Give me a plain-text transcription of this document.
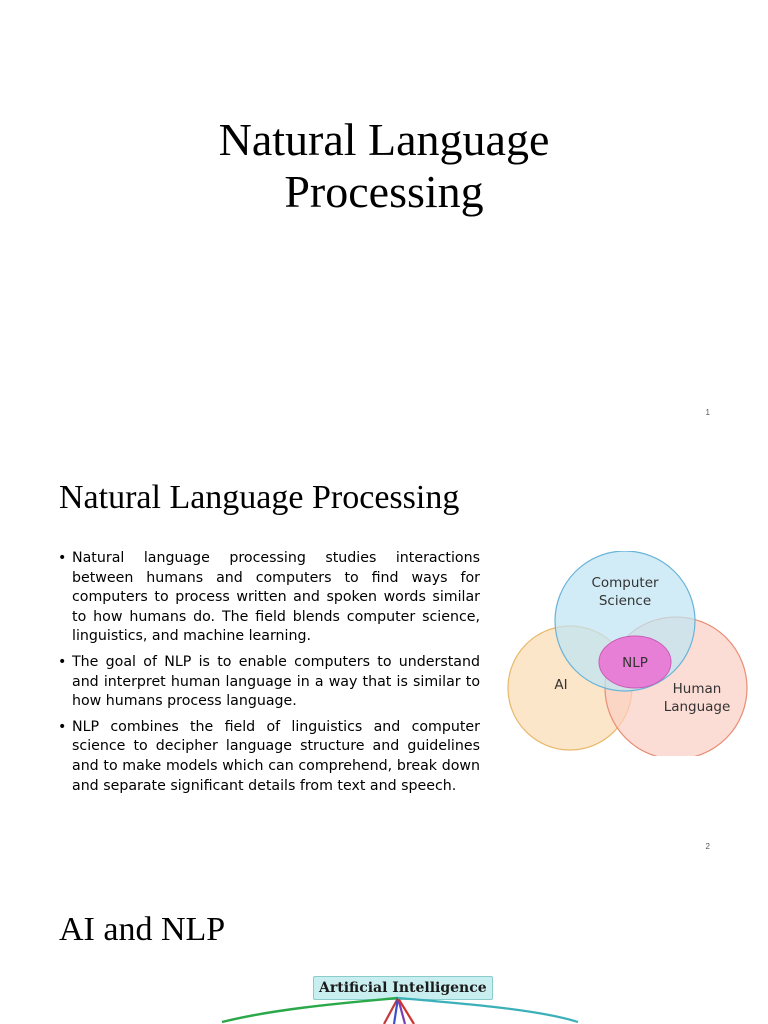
Natural Language
Processing
1
Natural Language Processing
• Natural language processing studies interactions between humans and computers to find ways for computers to process written and spoken words similar to how humans do. The field blends computer science, linguistics, and machine learning.
• The goal of NLP is to enable computers to understand and interpret human language in a way that is similar to how humans process language.
• NLP combines the field of linguistics and computer science to decipher language structure and guidelines and to make models which can comprehend, break down and separate significant details from text and speech.
Computer
Science
AI	Human
Language
NLP
2
AI and NLP
Artificial Intelligence
